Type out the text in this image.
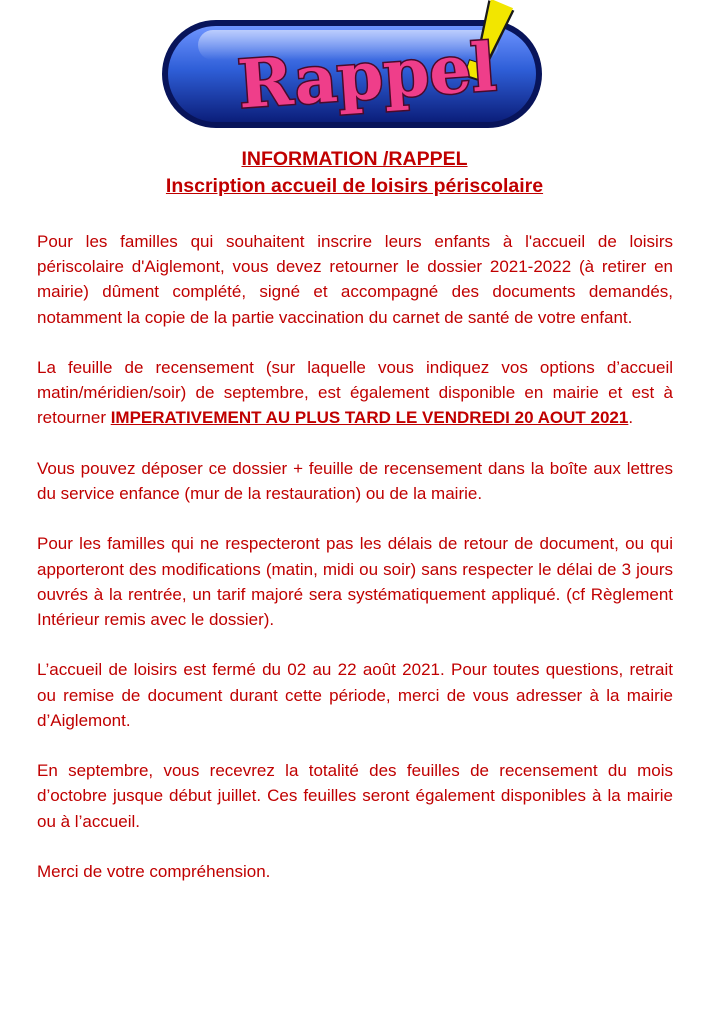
Rappel
INFORMATION /RAPPEL
Inscription accueil de loisirs périscolaire

Pour les familles qui souhaitent inscrire leurs enfants à l'accueil de loisirs périscolaire d'Aiglemont, vous devez retourner le dossier 2021-2022 (à retirer en mairie) dûment complété, signé et accompagné des documents demandés, notamment la copie de la partie vaccination du carnet de santé de votre enfant.

La feuille de recensement (sur laquelle vous indiquez vos options d’accueil matin/méridien/soir) de septembre, est également disponible en mairie et est à retourner IMPERATIVEMENT AU PLUS TARD LE VENDREDI 20 AOUT 2021.

Vous pouvez déposer ce dossier + feuille de recensement dans la boîte aux lettres du service enfance (mur de la restauration) ou de la mairie.

Pour les familles qui ne respecteront pas les délais de retour de document, ou qui apporteront des modifications (matin, midi ou soir) sans respecter le délai de 3 jours ouvrés à la rentrée, un tarif majoré sera systématiquement appliqué. (cf Règlement Intérieur remis avec le dossier).

L’accueil de loisirs est fermé du 02 au 22 août 2021. Pour toutes questions, retrait ou remise de document durant cette période, merci de vous adresser à la mairie d’Aiglemont.

En septembre, vous recevrez la totalité des feuilles de recensement du mois d’octobre jusque début juillet. Ces feuilles seront également disponibles à la mairie ou à l’accueil.

Merci de votre compréhension.
